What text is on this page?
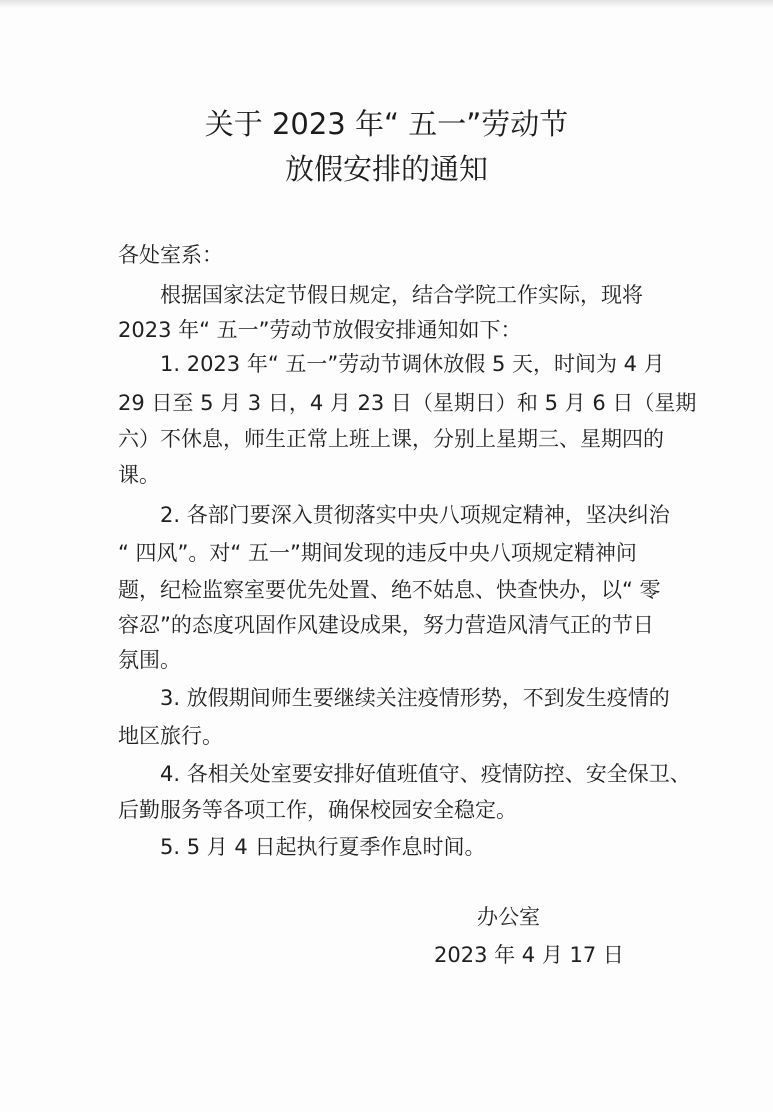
关于 2023 年“ 五一”劳动节
放假安排的通知
各处室系：
根据国家法定节假日规定，结合学院工作实际，现将
2023 年“ 五一”劳动节放假安排通知如下：
1. 2023 年“ 五一”劳动节调休放假 5 天，时间为 4 月
29 日至 5 月 3 日，4 月 23 日（星期日）和 5 月 6 日（星期
六）不休息，师生正常上班上课，分别上星期三、星期四的
课。
2. 各部门要深入贯彻落实中央八项规定精神，坚决纠治
“ 四风”。对“ 五一”期间发现的违反中央八项规定精神问
题，纪检监察室要优先处置、绝不姑息、快查快办，以“ 零
容忍”的态度巩固作风建设成果，努力营造风清气正的节日
氛围。
3. 放假期间师生要继续关注疫情形势，不到发生疫情的
地区旅行。
4. 各相关处室要安排好值班值守、疫情防控、安全保卫、
后勤服务等各项工作，确保校园安全稳定。
5. 5 月 4 日起执行夏季作息时间。
办公室
2023 年 4 月 17 日
